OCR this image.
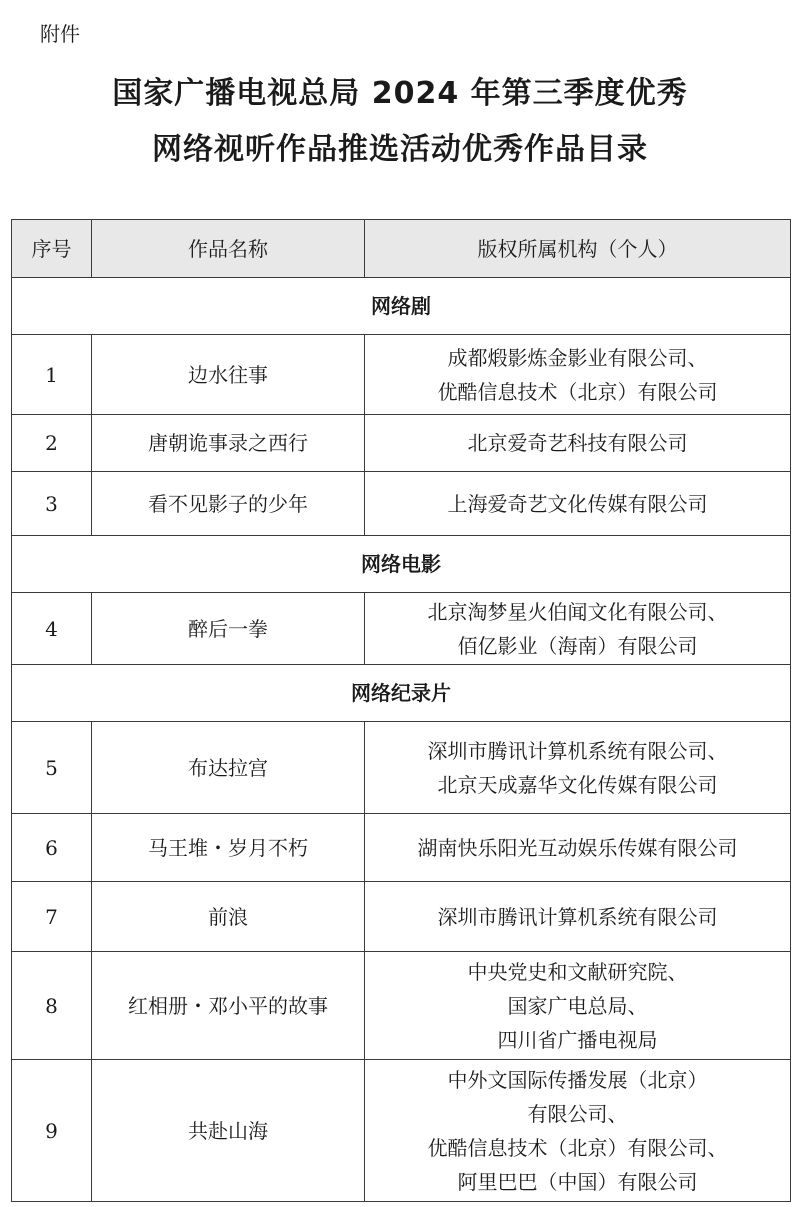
附件
国家广播电视总局 2024 年第三季度优秀
网络视听作品推选活动优秀作品目录
序号	作品名称	版权所属机构（个人）
网络剧		
1	边水往事	成都煅影炼金影业有限公司、
优酷信息技术（北京）有限公司

2	唐朝诡事录之西行	北京爱奇艺科技有限公司

3	看不见影子的少年	上海爱奇艺文化传媒有限公司

网络电影		
4	醉后一拳	北京淘梦星火伯闻文化有限公司、
佰亿影业（海南）有限公司

网络纪录片		
5	布达拉宫	深圳市腾讯计算机系统有限公司、
北京天成嘉华文化传媒有限公司

6	马王堆・岁月不朽	湖南快乐阳光互动娱乐传媒有限公司

7	前浪	深圳市腾讯计算机系统有限公司

8	红相册・邓小平的故事	中央党史和文献研究院、
国家广电总局、
四川省广播电视局

9	共赴山海	中外文国际传播发展（北京）
有限公司、
优酷信息技术（北京）有限公司、
阿里巴巴（中国）有限公司
